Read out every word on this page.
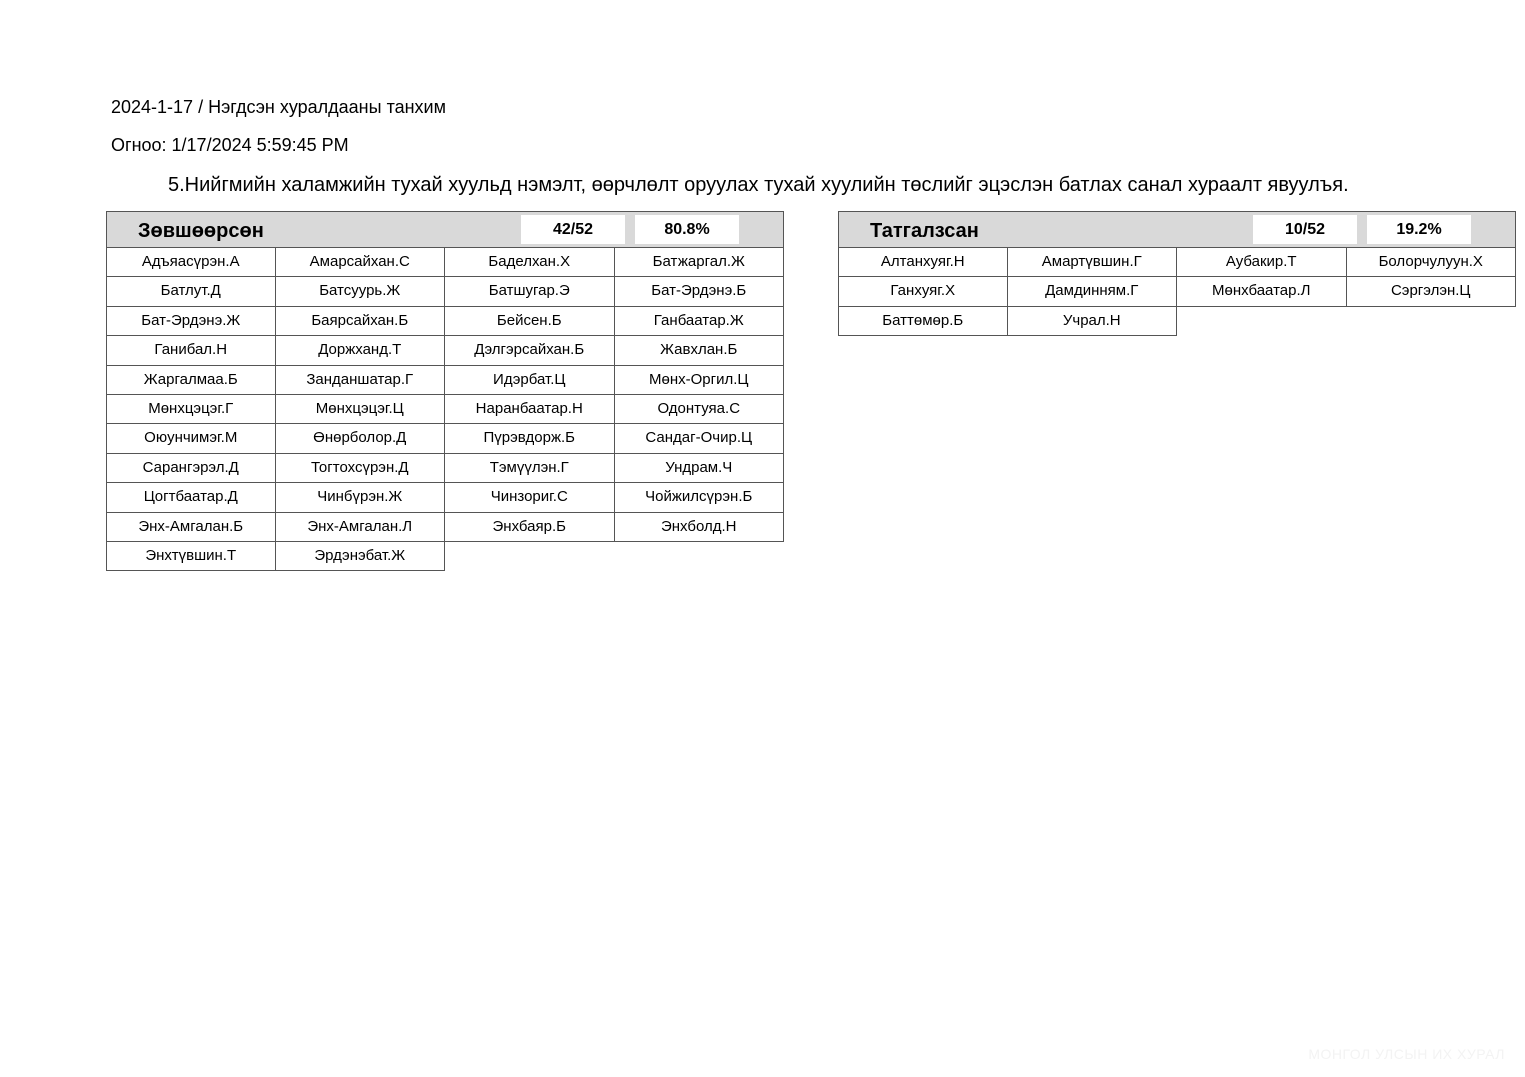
2024-1-17 / Нэгдсэн хуралдааны танхим
Огноо: 1/17/2024 5:59:45 PM
5.Нийгмийн халамжийн тухай хуульд нэмэлт, өөрчлөлт оруулах тухай хуулийн төслийг эцэслэн батлах санал хураалт явуулъя.
Зөвшөөрсөн	42/52	80.8%
Адъяасүрэн.А	Амарсайхан.С	Баделхан.Х	Батжаргал.Ж
Батлут.Д	Батсуурь.Ж	Батшугар.Э	Бат-Эрдэнэ.Б
Бат-Эрдэнэ.Ж	Баярсайхан.Б	Бейсен.Б	Ганбаатар.Ж
Ганибал.Н	Доржханд.Т	Дэлгэрсайхан.Б	Жавхлан.Б
Жаргалмаа.Б	Занданшатар.Г	Идэрбат.Ц	Мөнх-Оргил.Ц
Мөнхцэцэг.Г	Мөнхцэцэг.Ц	Наранбаатар.Н	Одонтуяа.С
Оюунчимэг.М	Өнөрболор.Д	Пүрэвдорж.Б	Сандаг-Очир.Ц
Сарангэрэл.Д	Тогтохсүрэн.Д	Тэмүүлэн.Г	Ундрам.Ч
Цогтбаатар.Д	Чинбүрэн.Ж	Чинзориг.С	Чойжилсүрэн.Б
Энх-Амгалан.Б	Энх-Амгалан.Л	Энхбаяр.Б	Энхболд.Н
Энхтүвшин.Т	Эрдэнэбат.Ж
Татгалзсан	10/52	19.2%
Алтанхуяг.Н	Амартүвшин.Г	Аубакир.Т	Болорчулуун.Х
Ганхуяг.Х	Дамдинням.Г	Мөнхбаатар.Л	Сэргэлэн.Ц
Баттөмөр.Б	Учрал.Н
МОНГОЛ УЛСЫН ИХ ХУРАЛ
